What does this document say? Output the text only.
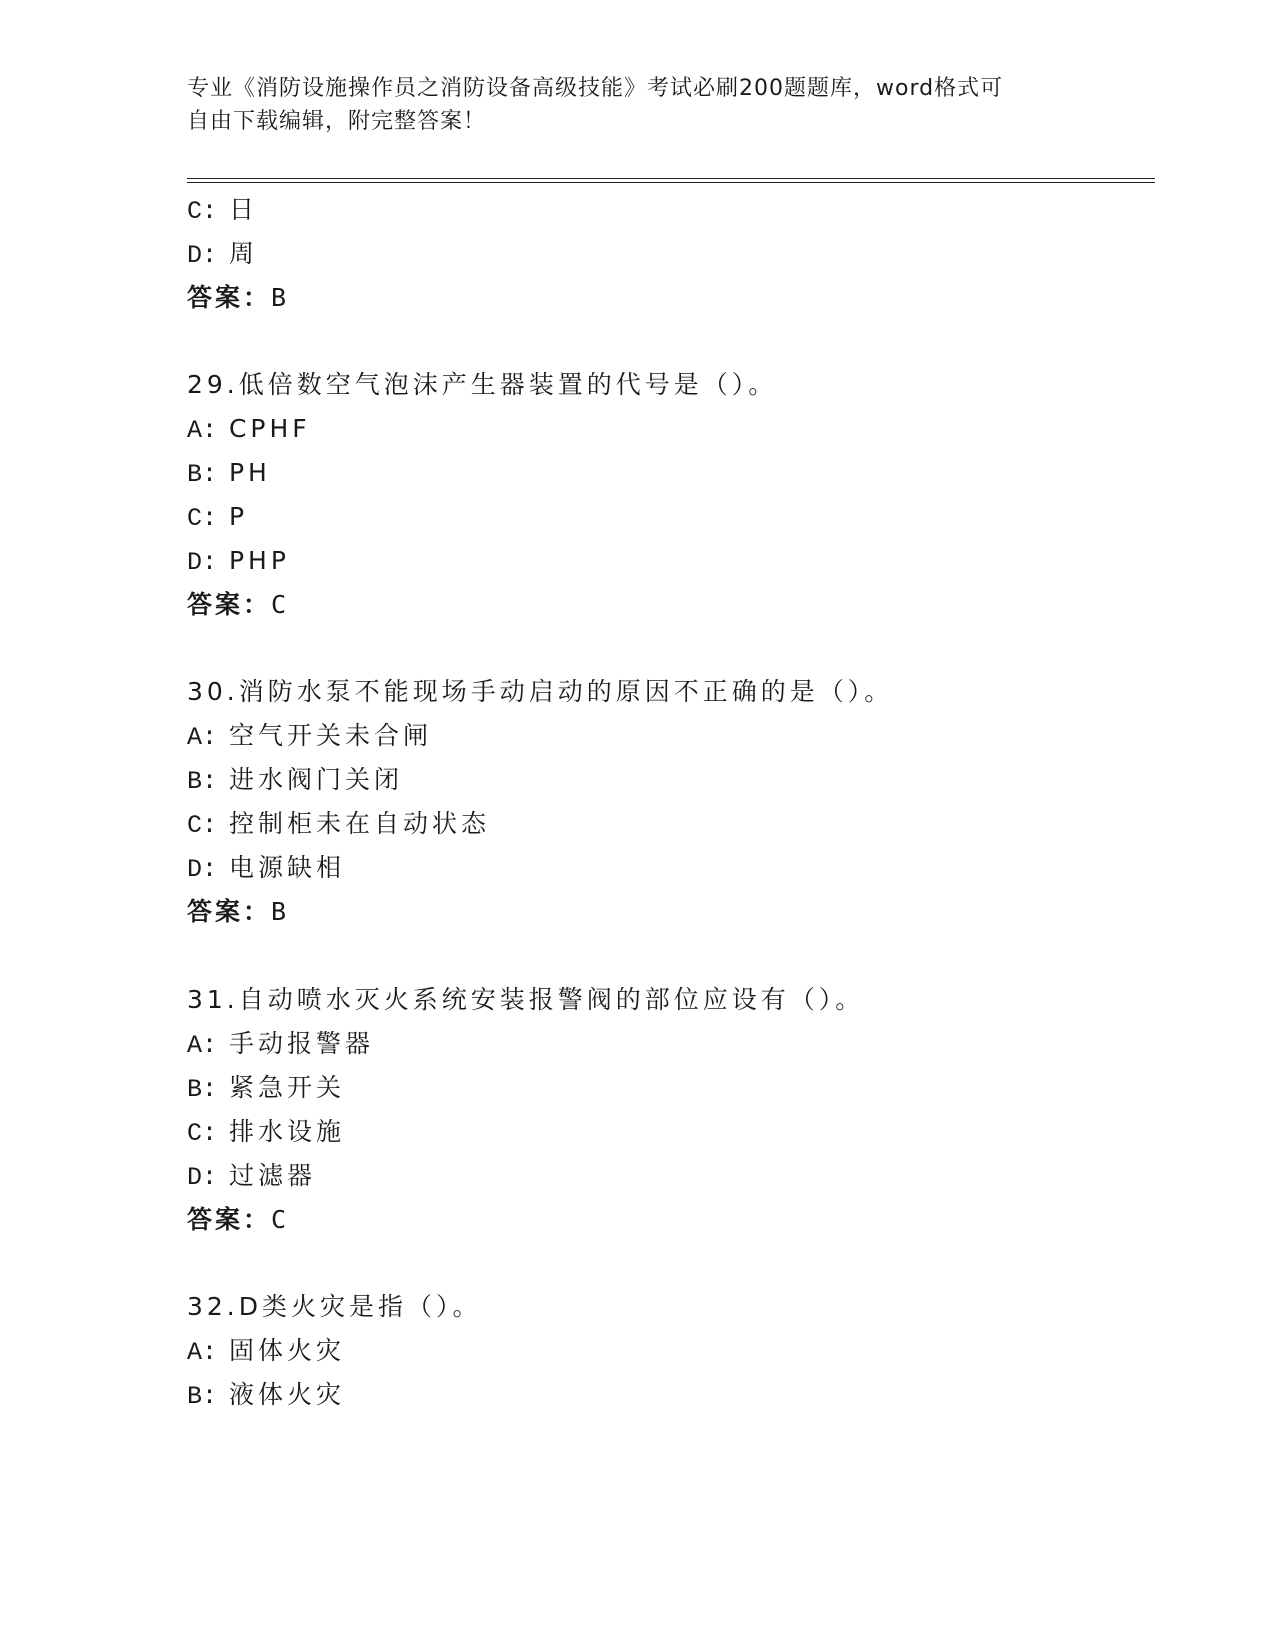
专业《消防设施操作员之消防设备高级技能》考试必刷200题题库，word格式可
自由下载编辑，附完整答案！
C: 日
D: 周
答案：B
29.低倍数空气泡沫产生器装置的代号是（）。
A: CPHF
B: PH
C: P
D: PHP
答案：C
30.消防水泵不能现场手动启动的原因不正确的是（）。
A: 空气开关未合闸
B: 进水阀门关闭
C: 控制柜未在自动状态
D: 电源缺相
答案：B
31.自动喷水灭火系统安装报警阀的部位应设有（）。
A: 手动报警器
B: 紧急开关
C: 排水设施
D: 过滤器
答案：C
32.D类火灾是指（）。
A: 固体火灾
B: 液体火灾
